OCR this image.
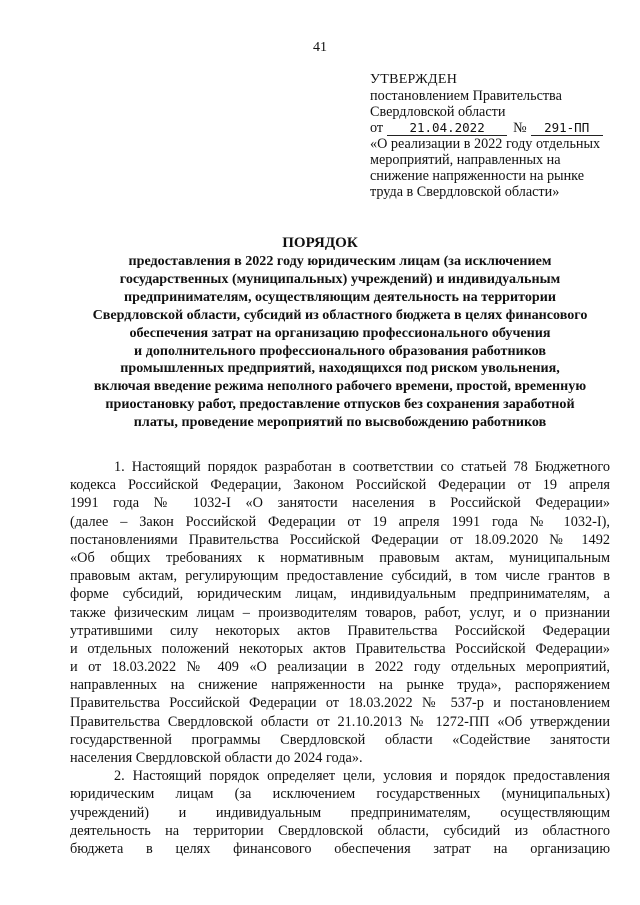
41
УТВЕРЖДЕН
постановлением Правительства
Свердловской области
от 21.04.2022 № 291-ПП
«О реализации в 2022 году отдельных
мероприятий, направленных на
снижение напряженности на рынке
труда в Свердловской области»
ПОРЯДОК
предоставления в 2022 году юридическим лицам (за исключением
государственных (муниципальных) учреждений) и индивидуальным
предпринимателям, осуществляющим деятельность на территории
Свердловской области, субсидий из областного бюджета в целях финансового
обеспечения затрат на организацию профессионального обучения
и дополнительного профессионального образования работников
промышленных предприятий, находящихся под риском увольнения,
включая введение режима неполного рабочего времени, простой, временную
приостановку работ, предоставление отпусков без сохранения заработной
платы, проведение мероприятий по высвобождению работников

1. Настоящий порядок разработан в соответствии со статьей 78 Бюджетного
кодекса Российской Федерации, Законом Российской Федерации от 19 апреля
1991 года № 1032-I «О занятости населения в Российской Федерации»
(далее – Закон Российской Федерации от 19 апреля 1991 года № 1032-I),
постановлениями Правительства Российской Федерации от 18.09.2020 № 1492
«Об общих требованиях к нормативным правовым актам, муниципальным
правовым актам, регулирующим предоставление субсидий, в том числе грантов в
форме субсидий, юридическим лицам, индивидуальным предпринимателям, а
также физическим лицам – производителям товаров, работ, услуг, и о признании
утратившими силу некоторых актов Правительства Российской Федерации
и отдельных положений некоторых актов Правительства Российской Федерации»
и от 18.03.2022 № 409 «О реализации в 2022 году отдельных мероприятий,
направленных на снижение напряженности на рынке труда», распоряжением
Правительства Российской Федерации от 18.03.2022 № 537-р и постановлением
Правительства Свердловской области от 21.10.2013 № 1272-ПП «Об утверждении
государственной программы Свердловской области «Содействие занятости
населения Свердловской области до 2024 года».

2. Настоящий порядок определяет цели, условия и порядок предоставления
юридическим лицам (за исключением государственных (муниципальных)
учреждений) и индивидуальным предпринимателям, осуществляющим
деятельность на территории Свердловской области, субсидий из областного
бюджета в целях финансового обеспечения затрат на организацию
